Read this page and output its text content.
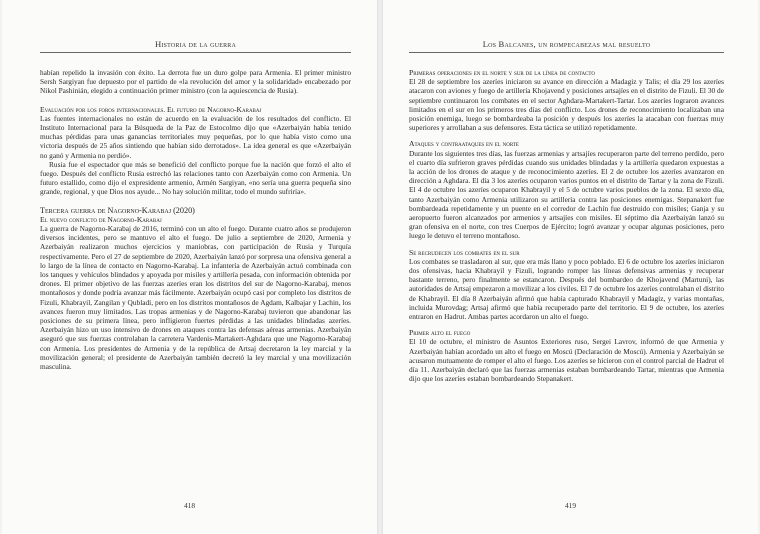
Historia de la guerra

habían repelido la invasión con éxito. La derrota fue un duro golpe para Armenia. El primer ministro Sersh Sargiyan fue depuesto por el partido de «la revolución del amor y la solidaridad» encabezado por Nikol Pashinián, elegido a continuación primer ministro (con la aquiescencia de Rusia).

Evaluación por los foros internacionales. El futuro de Nagorno-Karabaj

Las fuentes internacionales no están de acuerdo en la evaluación de los resultados del conflicto. El Instituto Internacional para la Búsqueda de la Paz de Estocolmo dijo que «Azerbaiyán había tenido muchas pérdidas para unas ganancias territoriales muy pequeñas, por lo que había visto como una victoria después de 25 años sintiendo que habían sido derrotados». La idea general es que «Azerbaiyán no ganó y Armenia no perdió».

Rusia fue el espectador que más se benefició del conflicto porque fue la nación que forzó el alto el fuego. Después del conflicto Rusia estrechó las relaciones tanto con Azerbaiyán como con Armenia. Un futuro estallido, como dijo el expresidente armenio, Armén Sargiyan, «no sería una guerra pequeña sino grande, regional, y que Dios nos ayude... No hay solución militar, todo el mundo sufriría».

Tercera guerra de Nagorno-Karabaj (2020)
El nuevo conflicto de Nagorno-Karabaj

La guerra de Nagorno-Karabaj de 2016, terminó con un alto el fuego. Durante cuatro años se produjeron diversos incidentes, pero se mantuvo el alto el fuego. De julio a septiembre de 2020, Armenia y Azerbaiyán realizaron muchos ejercicios y maniobras, con participación de Rusia y Turquía respectivamente. Pero el 27 de septiembre de 2020, Azerbaiyán lanzó por sorpresa una ofensiva general a lo largo de la línea de contacto en Nagorno-Karabaj. La infantería de Azerbaiyán actuó combinada con los tanques y vehículos blindados y apoyada por misiles y artillería pesada, con información obtenida por drones. El primer objetivo de las fuerzas azeríes eran los distritos del sur de Nagorno-Karabaj, menos montañosos y donde podría avanzar más fácilmente. Azerbaiyán ocupó casi por completo los distritos de Fizuli, Khabrayil, Zangilan y Qubladi, pero en los distritos montañosos de Agdam, Kalbajar y Lachin, los avances fueron muy limitados. Las tropas armenias y de Nagorno-Karabaj tuvieron que abandonar las posiciones de su primera línea, pero infligieron fuertes pérdidas a las unidades blindadas azeríes. Azerbaiyán hizo un uso intensivo de drones en ataques contra las defensas aéreas armenias. Azerbaiyán aseguró que sus fuerzas controlaban la carretera Vardenis-Martakert-Aghdara que une Nagorno-Karabaj con Armenia. Los presidentes de Armenia y de la república de Artsaj decretaron la ley marcial y la movilización general; el presidente de Azerbaiyán también decretó la ley marcial y una movilización masculina.

418
Los Balcanes, un rompecabezas mal resuelto
Primeras operaciones en el norte y sur de la línea de contacto

El 28 de septiembre los azeríes iniciaron su avance en dirección a Madagiz y Talis; el día 29 los azeríes atacaron con aviones y fuego de artillería Khojavend y posiciones artsajíes en el distrito de Fizuli. El 30 de septiembre continuaron los combates en el sector Aghdara-Martakert-Tartar. Los azeríes lograron avances limitados en el sur en los primeros tres días del conflicto. Los drones de reconocimiento localizaban una posición enemiga, luego se bombardeaba la posición y después los azeríes la atacaban con fuerzas muy superiores y arrollaban a sus defensores. Esta táctica se utilizó repetidamente.

Ataques y contraataques en el norte

Durante los siguientes tres días, las fuerzas armenias y artsajíes recuperaron parte del terreno perdido, pero el cuarto día sufrieron graves pérdidas cuando sus unidades blindadas y la artillería quedaron expuestas a la acción de los drones de ataque y de reconocimiento azeríes. El 2 de octubre los azeríes avanzaron en dirección a Aghdara. El día 3 los azeríes ocuparon varios puntos en el distrito de Tartar y la zona de Fizuli. El 4 de octubre los azeríes ocuparon Khabrayil y el 5 de octubre varios pueblos de la zona. El sexto día, tanto Azerbaiyán como Armenia utilizaron su artillería contra las posiciones enemigas. Stepanakert fue bombardeada repetidamente y un puente en el corredor de Lachín fue destruido con misiles; Ganja y su aeropuerto fueron alcanzados por armenios y artsajíes con misiles. El séptimo día Azerbaiyán lanzó su gran ofensiva en el norte, con tres Cuerpos de Ejército; logró avanzar y ocupar algunas posiciones, pero luego le detuvo el terreno montañoso.

Se recrudecen los combates en el sur

Los combates se trasladaron al sur, que era más llano y poco poblado. El 6 de octubre los azeríes iniciaron dos ofensivas, hacia Khabrayil y Fizuli, logrando romper las líneas defensivas armenias y recuperar bastante terreno, pero finalmente se estancaron. Después del bombardeo de Khojavend (Martuni), las autoridades de Artsaj empezaron a movilizar a los civiles. El 7 de octubre los azeríes controlaban el distrito de Khabrayil. El día 8 Azerbaiyán afirmó que había capturado Khabrayil y Madagiz, y varias montañas, incluida Murovdag; Artsaj afirmó que había recuperado parte del territorio. El 9 de octubre, los azeríes entraron en Hadrut. Ambas partes acordaron un alto el fuego.

Primer alto el fuego

El 10 de octubre, el ministro de Asuntos Exteriores ruso, Sergei Lavrov, informó de que Armenia y Azerbaiyán habían acordado un alto el fuego en Moscú (Declaración de Moscú). Armenia y Azerbaiyán se acusaron mutuamente de romper el alto el fuego. Los azeríes se hicieron con el control parcial de Hadrut el día 11. Azerbaiyán declaró que las fuerzas armenias estaban bombardeando Tartar, mientras que Armenia dijo que los azeríes estaban bombardeando Stepanakert.

419
